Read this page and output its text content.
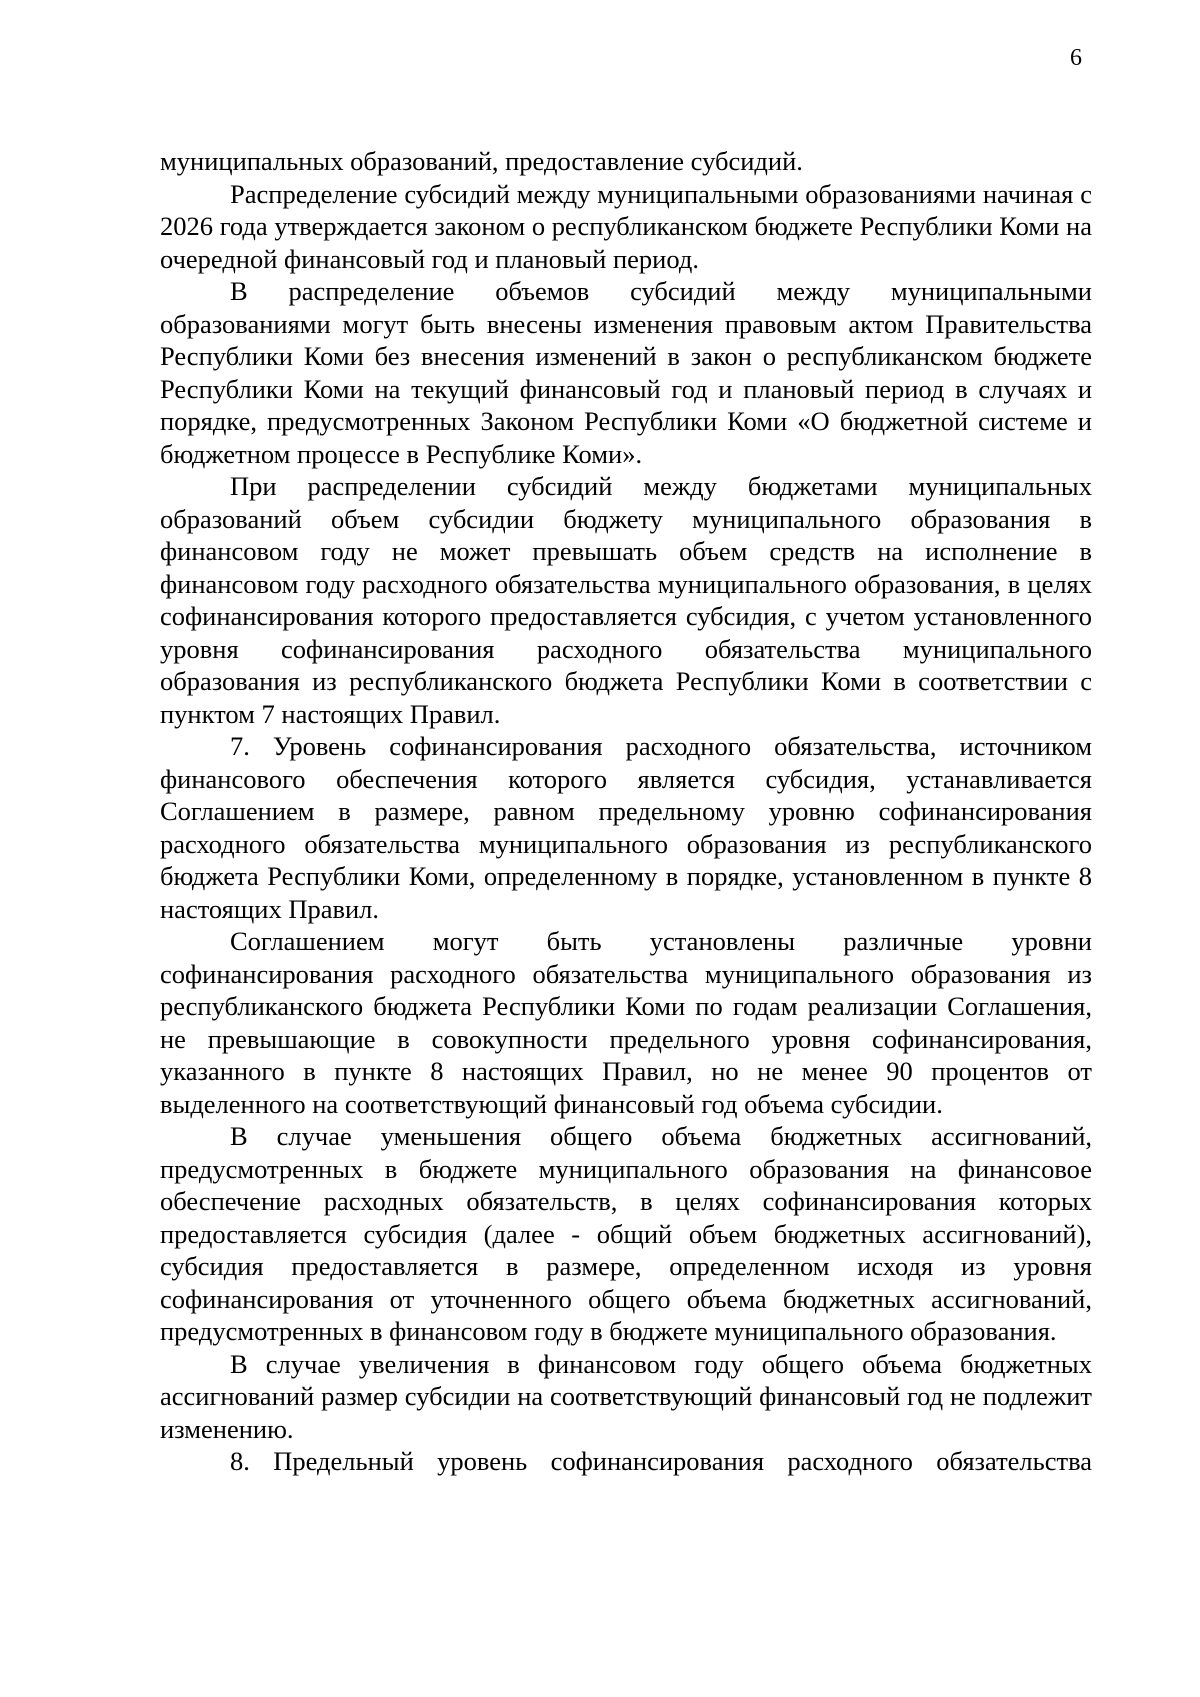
6

муниципальных образований, предоставление субсидий.

Распределение субсидий между муниципальными образованиями начиная с 2026 года утверждается законом о республиканском бюджете Республики Коми на очередной финансовый год и плановый период.

В распределение объемов субсидий между муниципальными образованиями могут быть внесены изменения правовым актом Правительства Республики Коми без внесения изменений в закон о республиканском бюджете Республики Коми на текущий финансовый год и плановый период в случаях и порядке, предусмотренных Законом Республики Коми «О бюджетной системе и бюджетном процессе в Республике Коми».

При распределении субсидий между бюджетами муниципальных образований объем субсидии бюджету муниципального образования в финансовом году не может превышать объем средств на исполнение в финансовом году расходного обязательства муниципального образования, в целях софинансирования которого предоставляется субсидия, с учетом установленного уровня софинансирования расходного обязательства муниципального образования из республиканского бюджета Республики Коми в соответствии с пунктом 7 настоящих Правил.

7. Уровень софинансирования расходного обязательства, источником финансового обеспечения которого является субсидия, устанавливается Соглашением в размере, равном предельному уровню софинансирования расходного обязательства муниципального образования из республиканского бюджета Республики Коми, определенному в порядке, установленном в пункте 8 настоящих Правил.

Соглашением могут быть установлены различные уровни софинансирования расходного обязательства муниципального образования из республиканского бюджета Республики Коми по годам реализации Соглашения, не превышающие в совокупности предельного уровня софинансирования, указанного в пункте 8 настоящих Правил, но не менее 90 процентов от выделенного на соответствующий финансовый год объема субсидии.

В случае уменьшения общего объема бюджетных ассигнований, предусмотренных в бюджете муниципального образования на финансовое обеспечение расходных обязательств, в целях софинансирования которых предоставляется субсидия (далее - общий объем бюджетных ассигнований), субсидия предоставляется в размере, определенном исходя из уровня софинансирования от уточненного общего объема бюджетных ассигнований, предусмотренных в финансовом году в бюджете муниципального образования.

В случае увеличения в финансовом году общего объема бюджетных ассигнований размер субсидии на соответствующий финансовый год не подлежит изменению.

8. Предельный уровень софинансирования расходного обязательства
